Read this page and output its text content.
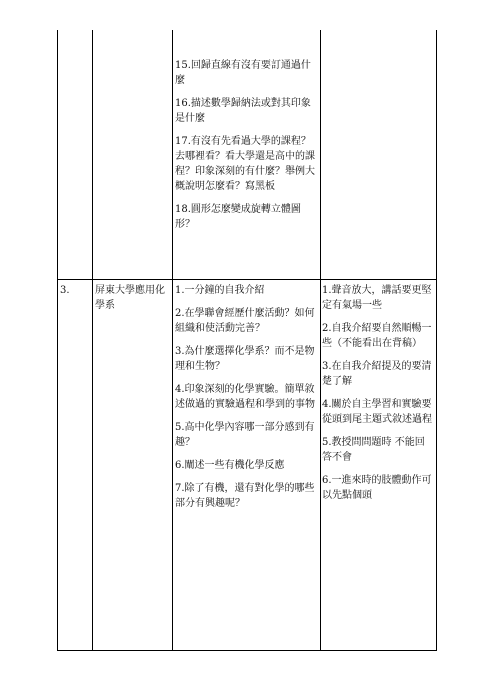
15.回歸直線有沒有要訂通過什麼

16.描述數學歸納法或對其印象是什麼

17.有沒有先看過大學的課程？去哪裡看？看大學還是高中的課程？印象深刻的有什麼？舉例大概說明怎麼看？寫黑板

18.圓形怎麼變成旋轉立體圖形？

3.	屏東大學應用化學系

1.一分鐘的自我介紹

2.在學聯會經歷什麼活動？如何組織和使活動完善？

3.為什麼選擇化學系？而不是物理和生物？

4.印象深刻的化學實驗。簡單敘述做過的實驗過程和學到的事物

5.高中化學內容哪一部分感到有趣？

6.闡述一些有機化學反應

7.除了有機，還有對化學的哪些部分有興趣呢？

1.聲音放大，講話要更堅定有氣場一些

2.自我介紹要自然順暢一些（不能看出在背稿）

3.在自我介紹提及的要清楚了解

4.關於自主學習和實驗要從頭到尾主題式敘述過程

5.教授問問題時 不能回答不會

6.一進來時的肢體動作可以先點個頭
